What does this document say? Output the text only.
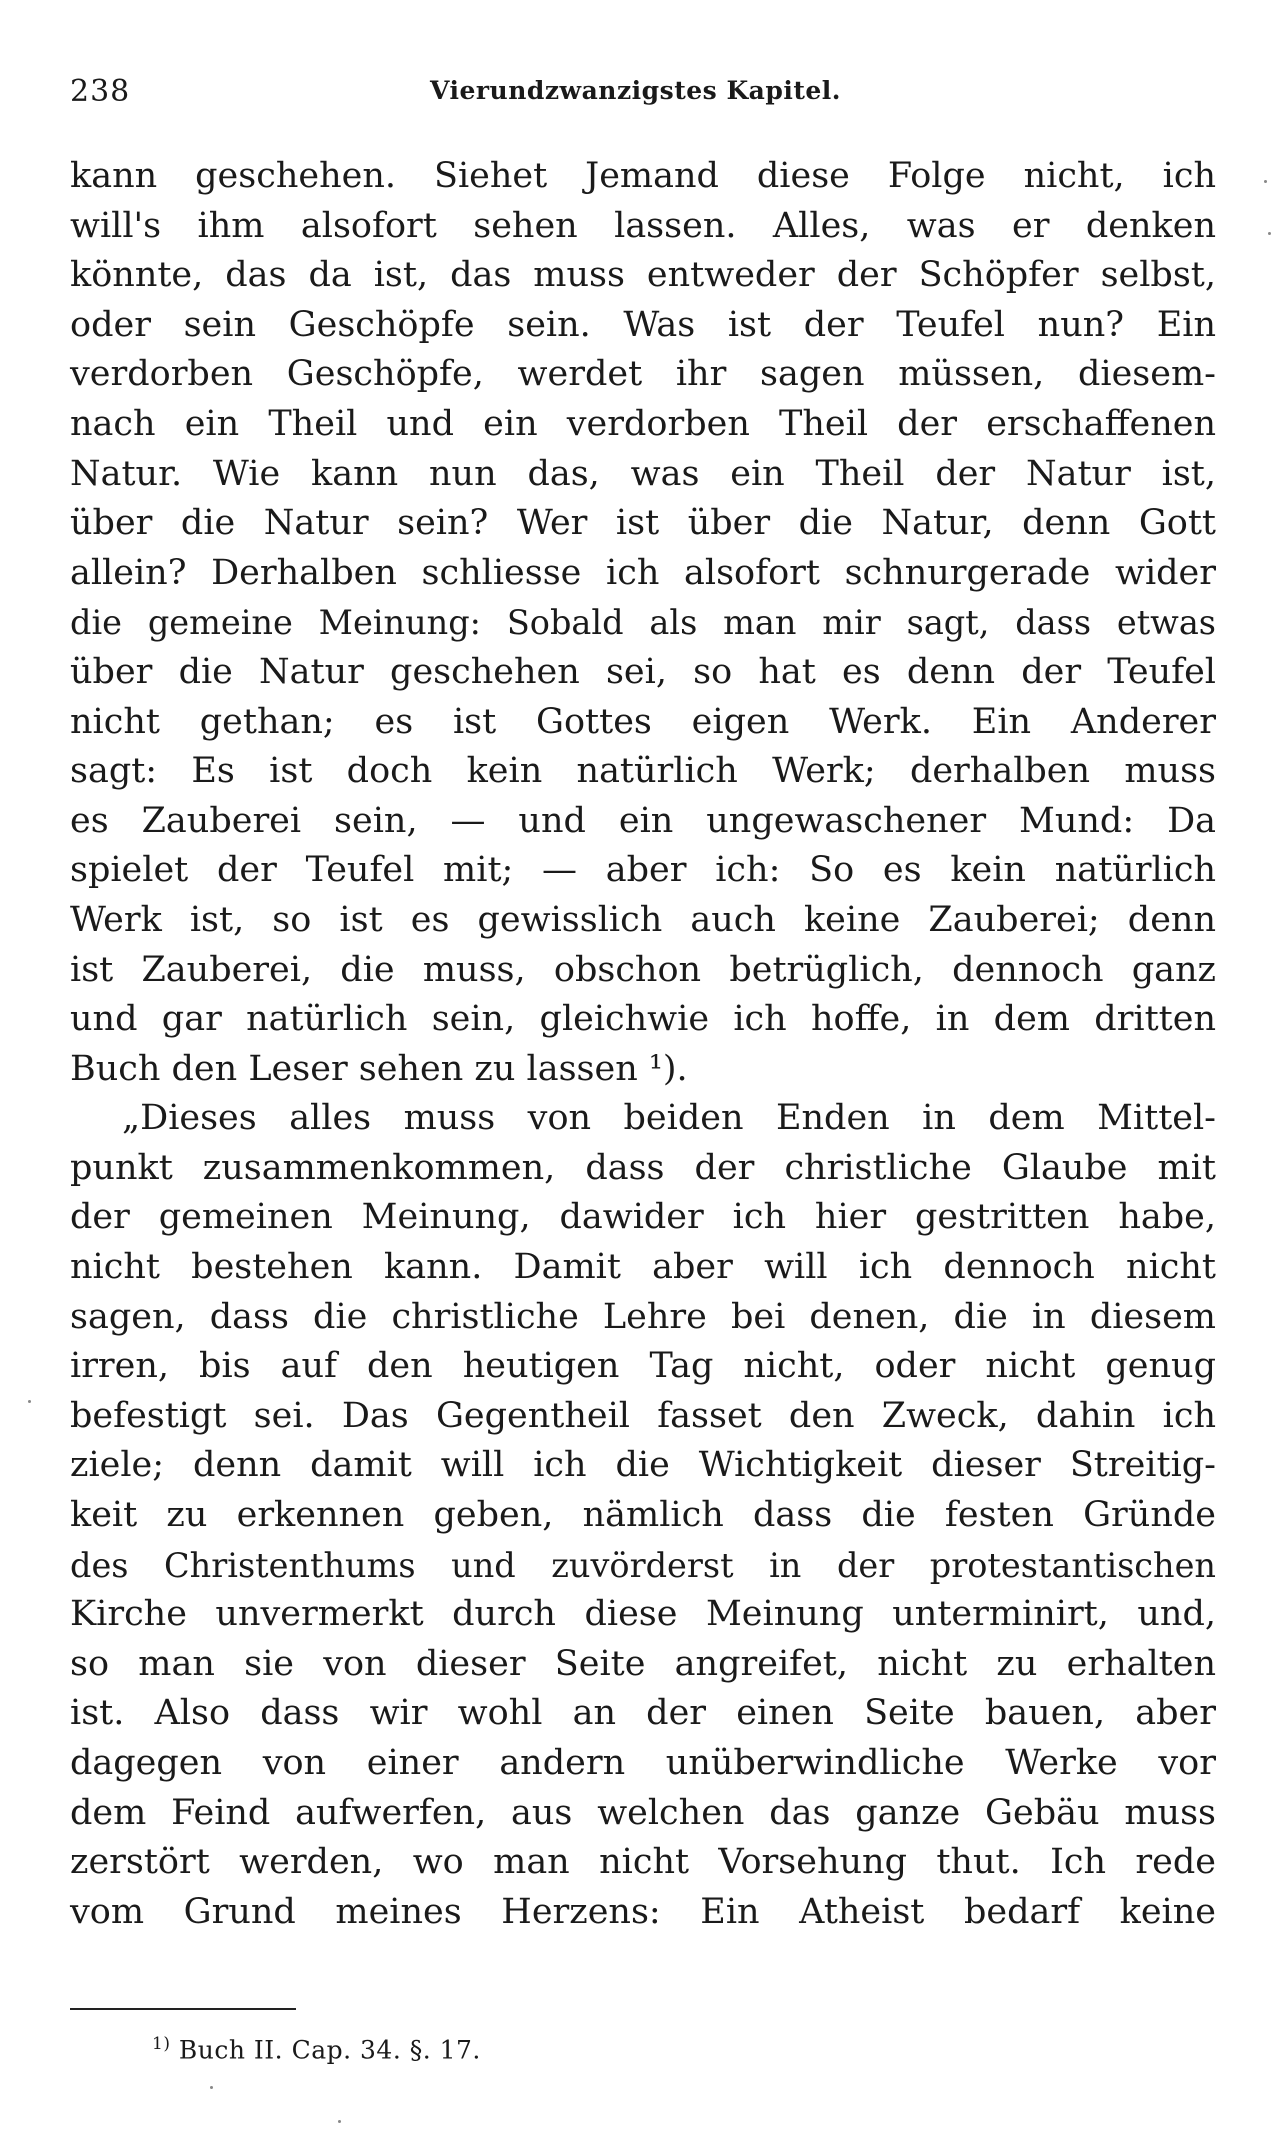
238	Vierundzwanzigstes Kapitel.
kann geschehen. Siehet Jemand diese Folge nicht, ich
will's ihm alsofort sehen lassen. Alles, was er denken
könnte, das da ist, das muss entweder der Schöpfer selbst,
oder sein Geschöpfe sein. Was ist der Teufel nun? Ein
verdorben Geschöpfe, werdet ihr sagen müssen, diesem-
nach ein Theil und ein verdorben Theil der erschaffenen
Natur. Wie kann nun das, was ein Theil der Natur ist,
über die Natur sein? Wer ist über die Natur, denn Gott
allein? Derhalben schliesse ich alsofort schnurgerade wider
die gemeine Meinung: Sobald als man mir sagt, dass etwas
über die Natur geschehen sei, so hat es denn der Teufel
nicht gethan; es ist Gottes eigen Werk. Ein Anderer
sagt: Es ist doch kein natürlich Werk; derhalben muss
es Zauberei sein, — und ein ungewaschener Mund: Da
spielet der Teufel mit; — aber ich: So es kein natürlich
Werk ist, so ist es gewisslich auch keine Zauberei; denn
ist Zauberei, die muss, obschon betrüglich, dennoch ganz
und gar natürlich sein, gleichwie ich hoffe, in dem dritten
Buch den Leser sehen zu lassen ¹).
„Dieses alles muss von beiden Enden in dem Mittel-
punkt zusammenkommen, dass der christliche Glaube mit
der gemeinen Meinung, dawider ich hier gestritten habe,
nicht bestehen kann. Damit aber will ich dennoch nicht
sagen, dass die christliche Lehre bei denen, die in diesem
irren, bis auf den heutigen Tag nicht, oder nicht genug
befestigt sei. Das Gegentheil fasset den Zweck, dahin ich
ziele; denn damit will ich die Wichtigkeit dieser Streitig-
keit zu erkennen geben, nämlich dass die festen Gründe
des Christenthums und zuvörderst in der protestantischen
Kirche unvermerkt durch diese Meinung unterminirt, und,
so man sie von dieser Seite angreifet, nicht zu erhalten
ist. Also dass wir wohl an der einen Seite bauen, aber
dagegen von einer andern unüberwindliche Werke vor
dem Feind aufwerfen, aus welchen das ganze Gebäu muss
zerstört werden, wo man nicht Vorsehung thut. Ich rede
vom Grund meines Herzens: Ein Atheist bedarf keine
$^{1)}$ Buch II. Cap. 34. §. 17.
